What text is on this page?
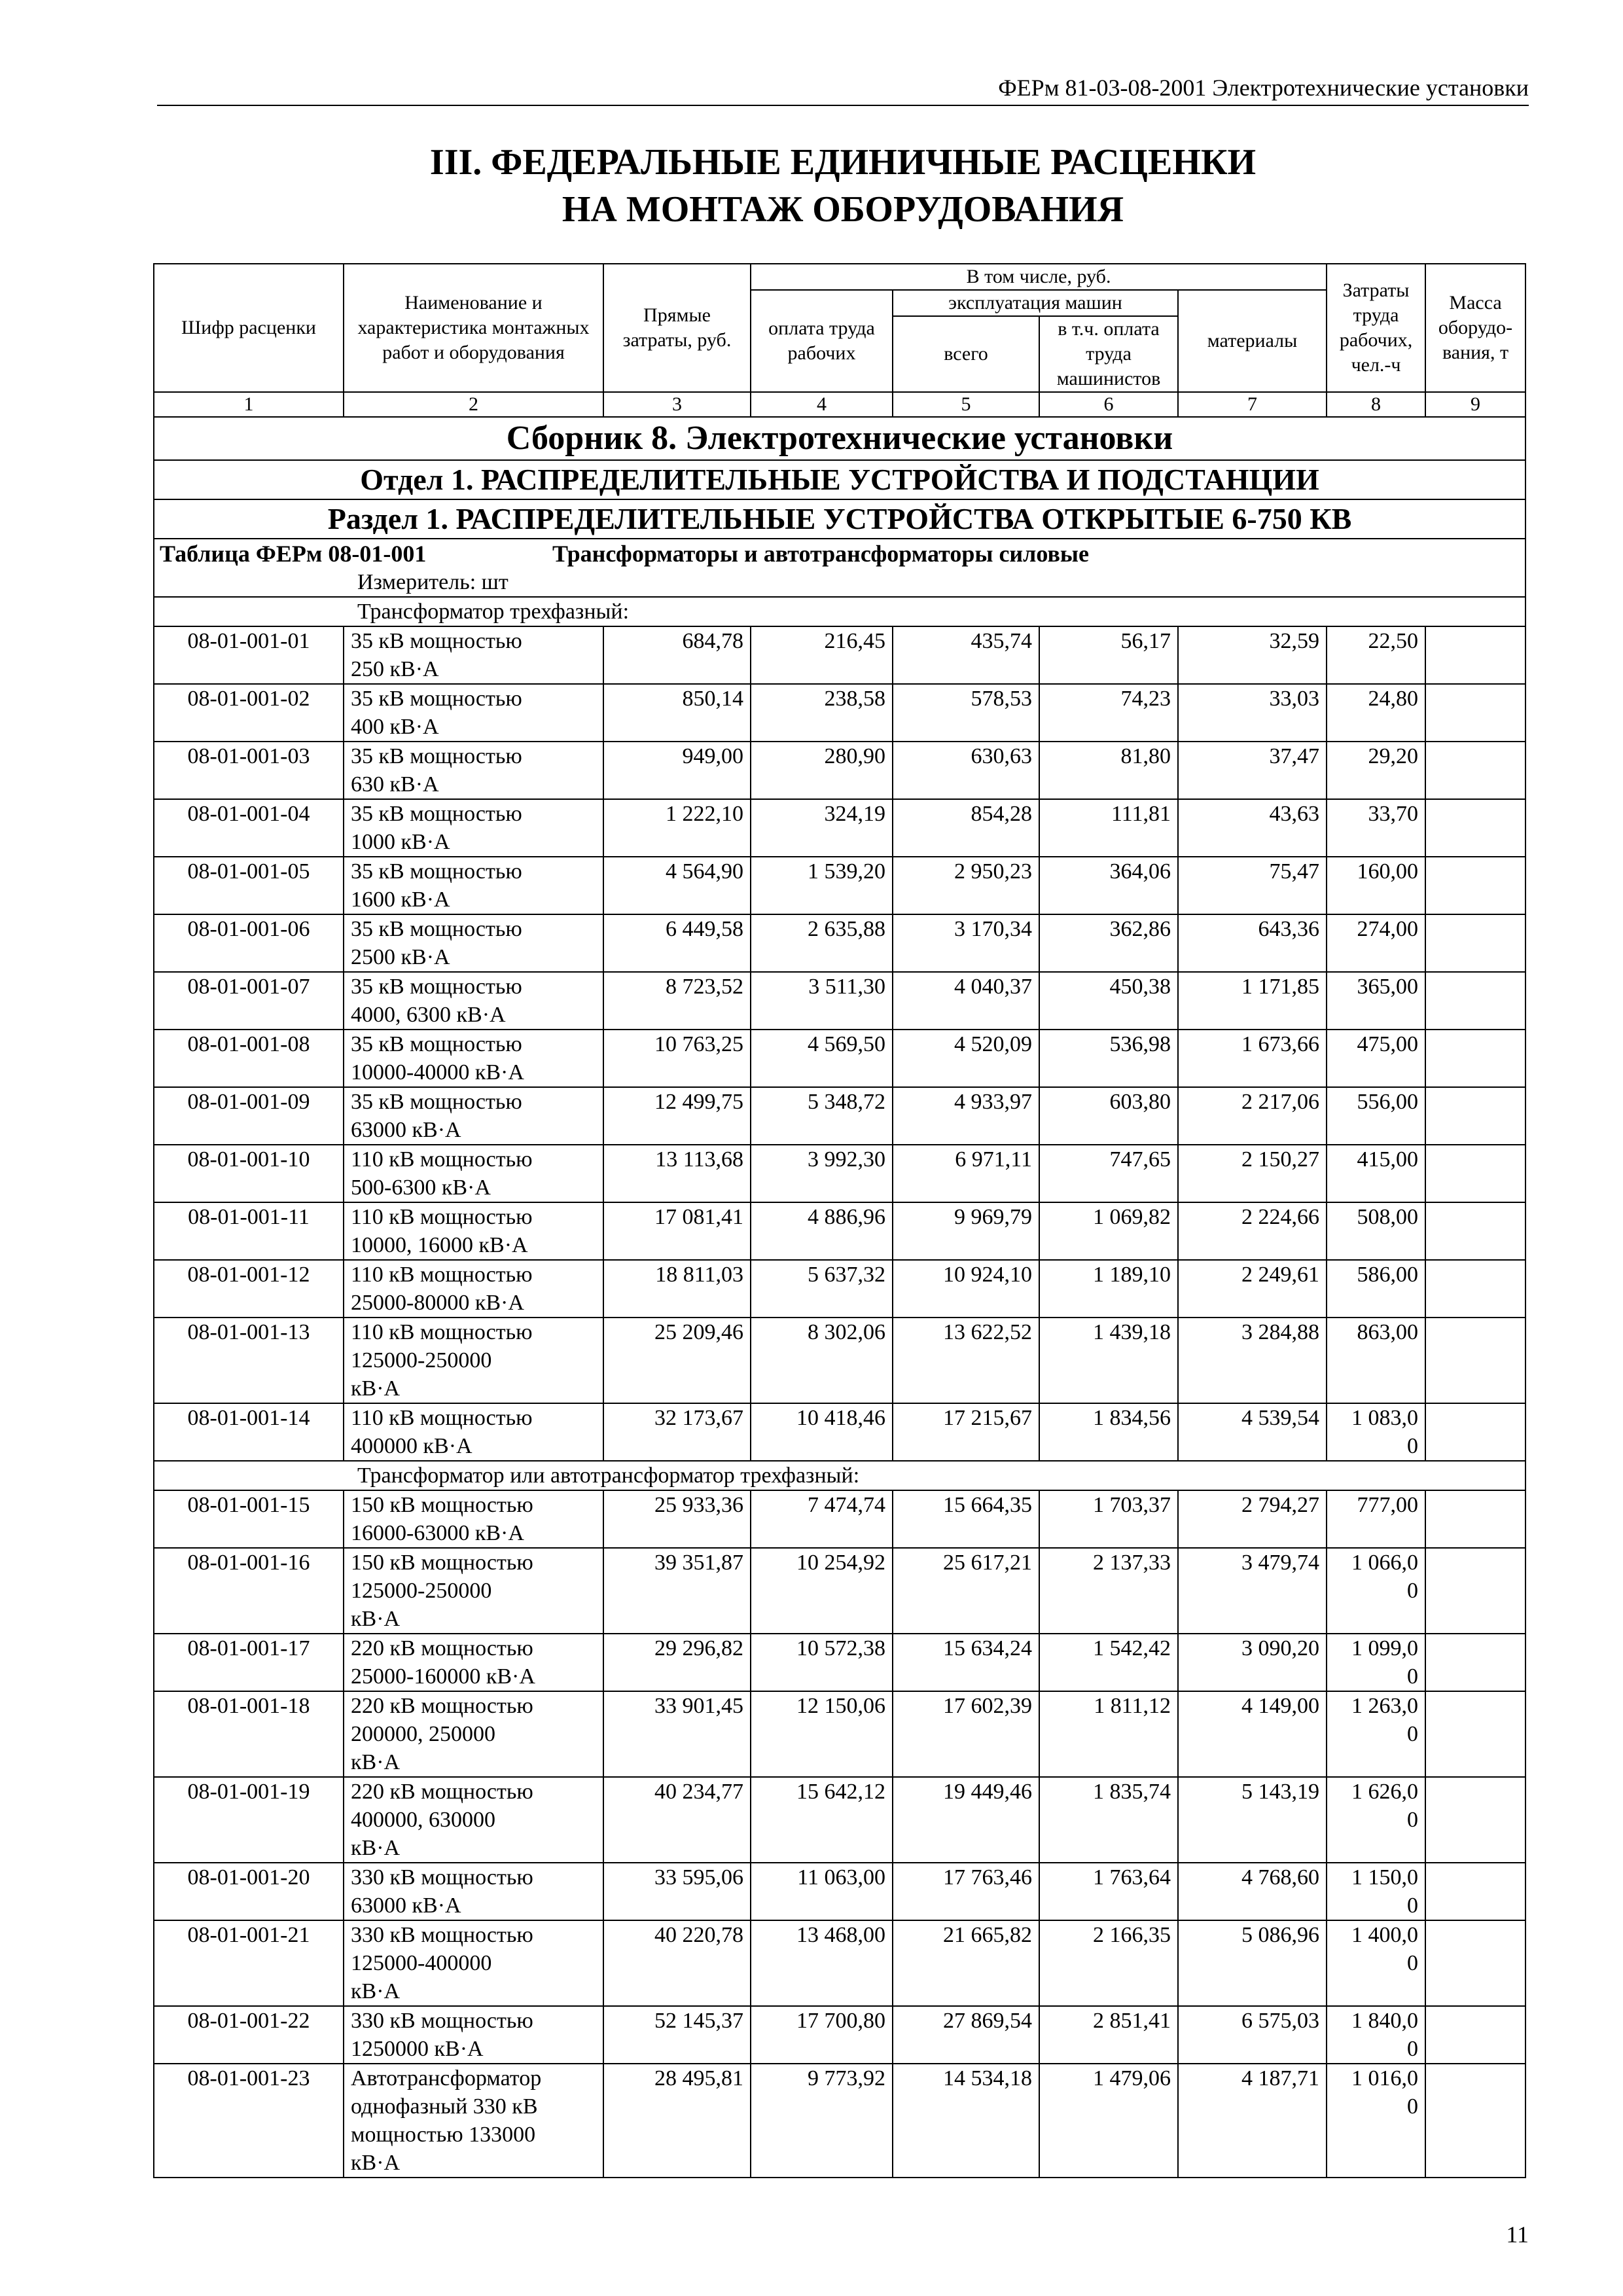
ФЕРм 81-03-08-2001 Электротехнические установки
III. ФЕДЕРАЛЬНЫЕ ЕДИНИЧНЫЕ РАСЦЕНКИ
НА МОНТАЖ ОБОРУДОВАНИЯ
Шифр расценки	Наименование и характеристика монтажных работ и оборудования	Прямые затраты, руб.	В том числе, руб.				Затраты труда рабочих, чел.-ч	Масса оборудо-вания, т
			оплата труда рабочих	эксплуатация машин		материалы		
				всего	в т.ч. оплата труда машинистов			

1	2	3	4	5	6	7	8	9
Сборник 8. Электротехнические установки								
Отдел 1. РАСПРЕДЕЛИТЕЛЬНЫЕ УСТРОЙСТВА И ПОДСТАНЦИИ								
Раздел 1. РАСПРЕДЕЛИТЕЛЬНЫЕ УСТРОЙСТВА ОТКРЫТЫЕ 6-750 КВ								
Таблица ФЕРм 08-01-001 Трансформаторы и автотрансформаторы силовые								

Измеритель: шт								

Трансформатор трехфазный:								

08-01-001-01	35 кВ мощностью
250 кВ·А	684,78	216,45	435,74	56,17	32,59	22,50	
08-01-001-02	35 кВ мощностью
400 кВ·А	850,14	238,58	578,53	74,23	33,03	24,80	
08-01-001-03	35 кВ мощностью
630 кВ·А	949,00	280,90	630,63	81,80	37,47	29,20	
08-01-001-04	35 кВ мощностью
1000 кВ·А	1 222,10	324,19	854,28	111,81	43,63	33,70	
08-01-001-05	35 кВ мощностью
1600 кВ·А	4 564,90	1 539,20	2 950,23	364,06	75,47	160,00	
08-01-001-06	35 кВ мощностью
2500 кВ·А	6 449,58	2 635,88	3 170,34	362,86	643,36	274,00	
08-01-001-07	35 кВ мощностью
4000, 6300 кВ·А	8 723,52	3 511,30	4 040,37	450,38	1 171,85	365,00	
08-01-001-08	35 кВ мощностью
10000-40000 кВ·А	10 763,25	4 569,50	4 520,09	536,98	1 673,66	475,00	
08-01-001-09	35 кВ мощностью
63000 кВ·А	12 499,75	5 348,72	4 933,97	603,80	2 217,06	556,00	
08-01-001-10	110 кВ мощностью
500-6300 кВ·А	13 113,68	3 992,30	6 971,11	747,65	2 150,27	415,00	
08-01-001-11	110 кВ мощностью
10000, 16000 кВ·А	17 081,41	4 886,96	9 969,79	1 069,82	2 224,66	508,00	
08-01-001-12	110 кВ мощностью
25000-80000 кВ·А	18 811,03	5 637,32	10 924,10	1 189,10	2 249,61	586,00	
08-01-001-13	110 кВ мощностью
125000-250000
кВ·А	25 209,46	8 302,06	13 622,52	1 439,18	3 284,88	863,00	
08-01-001-14	110 кВ мощностью
400000 кВ·А	32 173,67	10 418,46	17 215,67	1 834,56	4 539,54	1 083,0
0	

Трансформатор или автотрансформатор трехфазный:								

08-01-001-15	150 кВ мощностью
16000-63000 кВ·А	25 933,36	7 474,74	15 664,35	1 703,37	2 794,27	777,00	
08-01-001-16	150 кВ мощностью
125000-250000
кВ·А	39 351,87	10 254,92	25 617,21	2 137,33	3 479,74	1 066,0
0	
08-01-001-17	220 кВ мощностью
25000-160000 кВ·А	29 296,82	10 572,38	15 634,24	1 542,42	3 090,20	1 099,0
0	
08-01-001-18	220 кВ мощностью
200000, 250000
кВ·А	33 901,45	12 150,06	17 602,39	1 811,12	4 149,00	1 263,0
0	
08-01-001-19	220 кВ мощностью
400000, 630000
кВ·А	40 234,77	15 642,12	19 449,46	1 835,74	5 143,19	1 626,0
0	
08-01-001-20	330 кВ мощностью
63000 кВ·А	33 595,06	11 063,00	17 763,46	1 763,64	4 768,60	1 150,0
0	
08-01-001-21	330 кВ мощностью
125000-400000
кВ·А	40 220,78	13 468,00	21 665,82	2 166,35	5 086,96	1 400,0
0	
08-01-001-22	330 кВ мощностью
1250000 кВ·А	52 145,37	17 700,80	27 869,54	2 851,41	6 575,03	1 840,0
0	
08-01-001-23	Автотрансформатор
однофазный 330 кВ
мощностью 133000
кВ·А	28 495,81	9 773,92	14 534,18	1 479,06	4 187,71	1 016,0
0	
11
